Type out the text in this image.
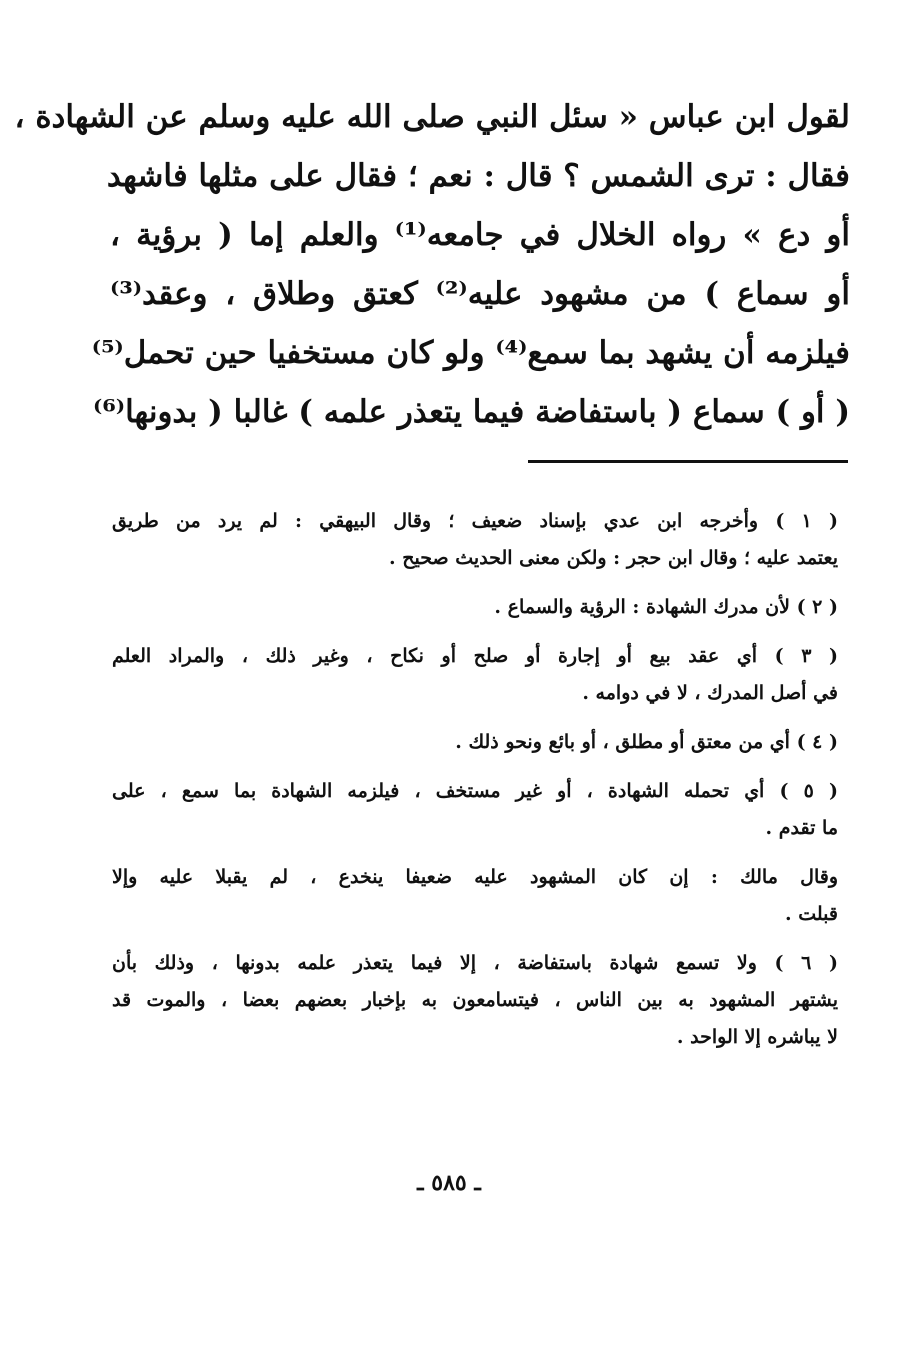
لقول ابن عباس « سئل النبي صلى الله عليه وسلم عن الشهادة ،
فقال : ترى الشمس ؟ قال : نعم ؛ فقال على مثلها فاشهد
أو دع » رواه الخلال في جامعه⁽¹⁾ والعلم إما ( برؤية ،
أو سماع ) من مشهود عليه⁽²⁾ كعتق وطلاق ، وعقد⁽³⁾
فيلزمه أن يشهد بما سمع⁽⁴⁾ ولو كان مستخفيا حين تحمل⁽⁵⁾
( أو ) سماع ( باستفاضة فيما يتعذر علمه ) غالبا ( بدونها⁽⁶⁾

( ١ ) وأخرجه ابن عدي بإسناد ضعيف ؛ وقال البيهقي : لم يرد من طريق
يعتمد عليه ؛ وقال ابن حجر : ولكن معنى الحديث صحيح .

( ٢ ) لأن مدرك الشهادة : الرؤية والسماع .

( ٣ ) أي عقد بيع أو إجارة أو صلح أو نكاح ، وغير ذلك ، والمراد العلم
في أصل المدرك ، لا في دوامه .

( ٤ ) أي من معتق أو مطلق ، أو بائع ونحو ذلك .

( ٥ ) أي تحمله الشهادة ، أو غير مستخف ، فيلزمه الشهادة بما سمع ، على
ما تقدم .

وقال مالك : إن كان المشهود عليه ضعيفا ينخدع ، لم يقبلا عليه وإلا
قبلت .

( ٦ ) ولا تسمع شهادة باستفاضة ، إلا فيما يتعذر علمه بدونها ، وذلك بأن
يشتهر المشهود به بين الناس ، فيتسامعون به بإخبار بعضهم بعضا ، والموت قد
لا يباشره إلا الواحد .

ـ ٥٨٥ ـ
